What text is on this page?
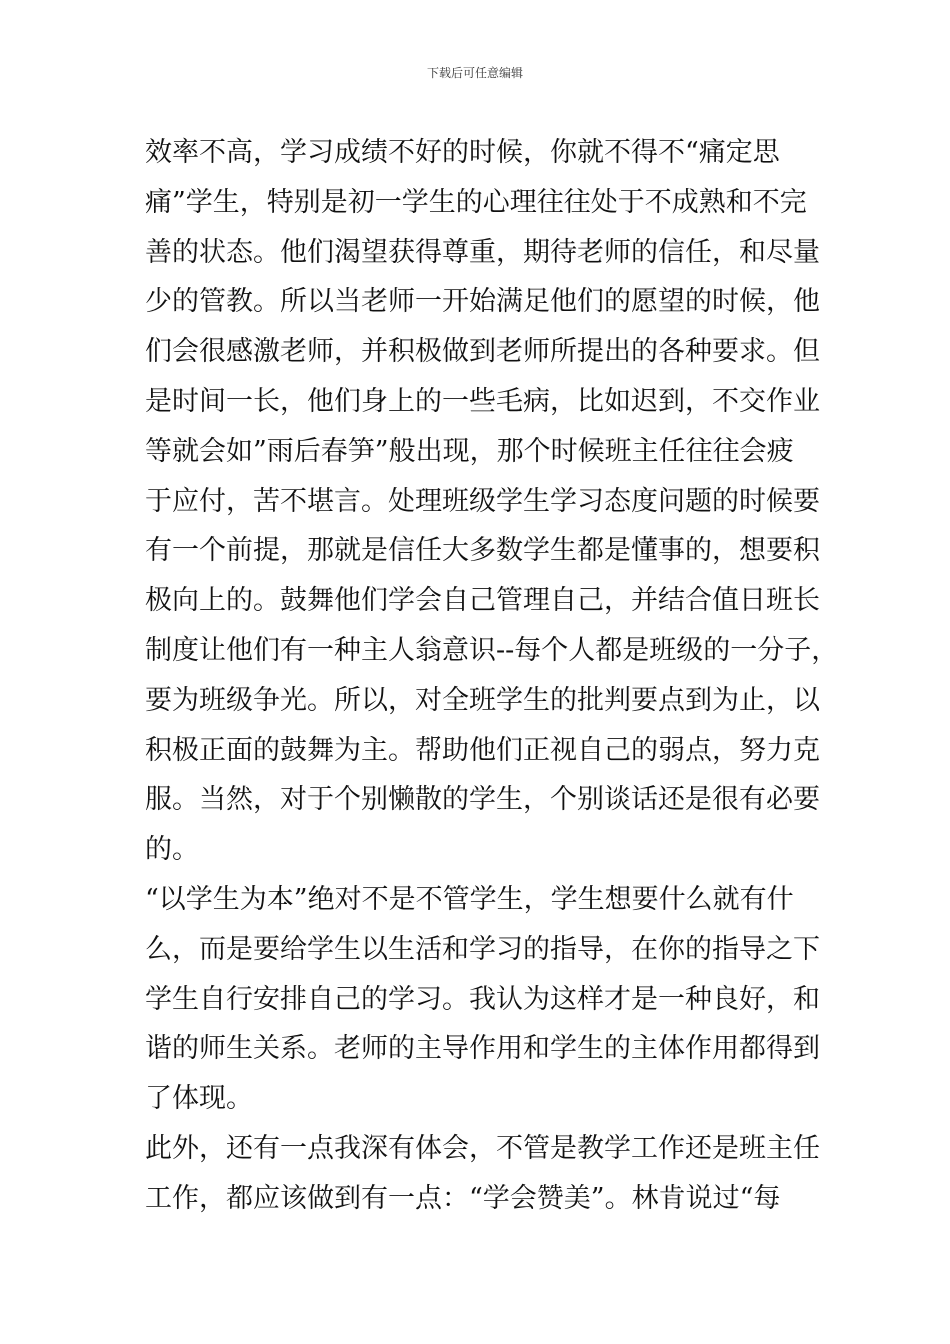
下载后可任意编辑
效率不高，学习成绩不好的时候，你就不得不“痛定思
痛”学生，特别是初一学生的心理往往处于不成熟和不完
善的状态。他们渴望获得尊重，期待老师的信任，和尽量
少的管教。所以当老师一开始满足他们的愿望的时候，他
们会很感激老师，并积极做到老师所提出的各种要求。但
是时间一长，他们身上的一些毛病，比如迟到，不交作业
等就会如”雨后春笋”般出现，那个时候班主任往往会疲
于应付，苦不堪言。处理班级学生学习态度问题的时候要
有一个前提，那就是信任大多数学生都是懂事的，想要积
极向上的。鼓舞他们学会自己管理自己，并结合值日班长
制度让他们有一种主人翁意识--每个人都是班级的一分子，
要为班级争光。所以，对全班学生的批判要点到为止，以
积极正面的鼓舞为主。帮助他们正视自己的弱点，努力克
服。当然，对于个别懒散的学生，个别谈话还是很有必要
的。
“以学生为本”绝对不是不管学生，学生想要什么就有什
么，而是要给学生以生活和学习的指导，在你的指导之下
学生自行安排自己的学习。我认为这样才是一种良好，和
谐的师生关系。老师的主导作用和学生的主体作用都得到
了体现。
此外，还有一点我深有体会，不管是教学工作还是班主任
工作，都应该做到有一点：“学会赞美”。林肯说过“每
